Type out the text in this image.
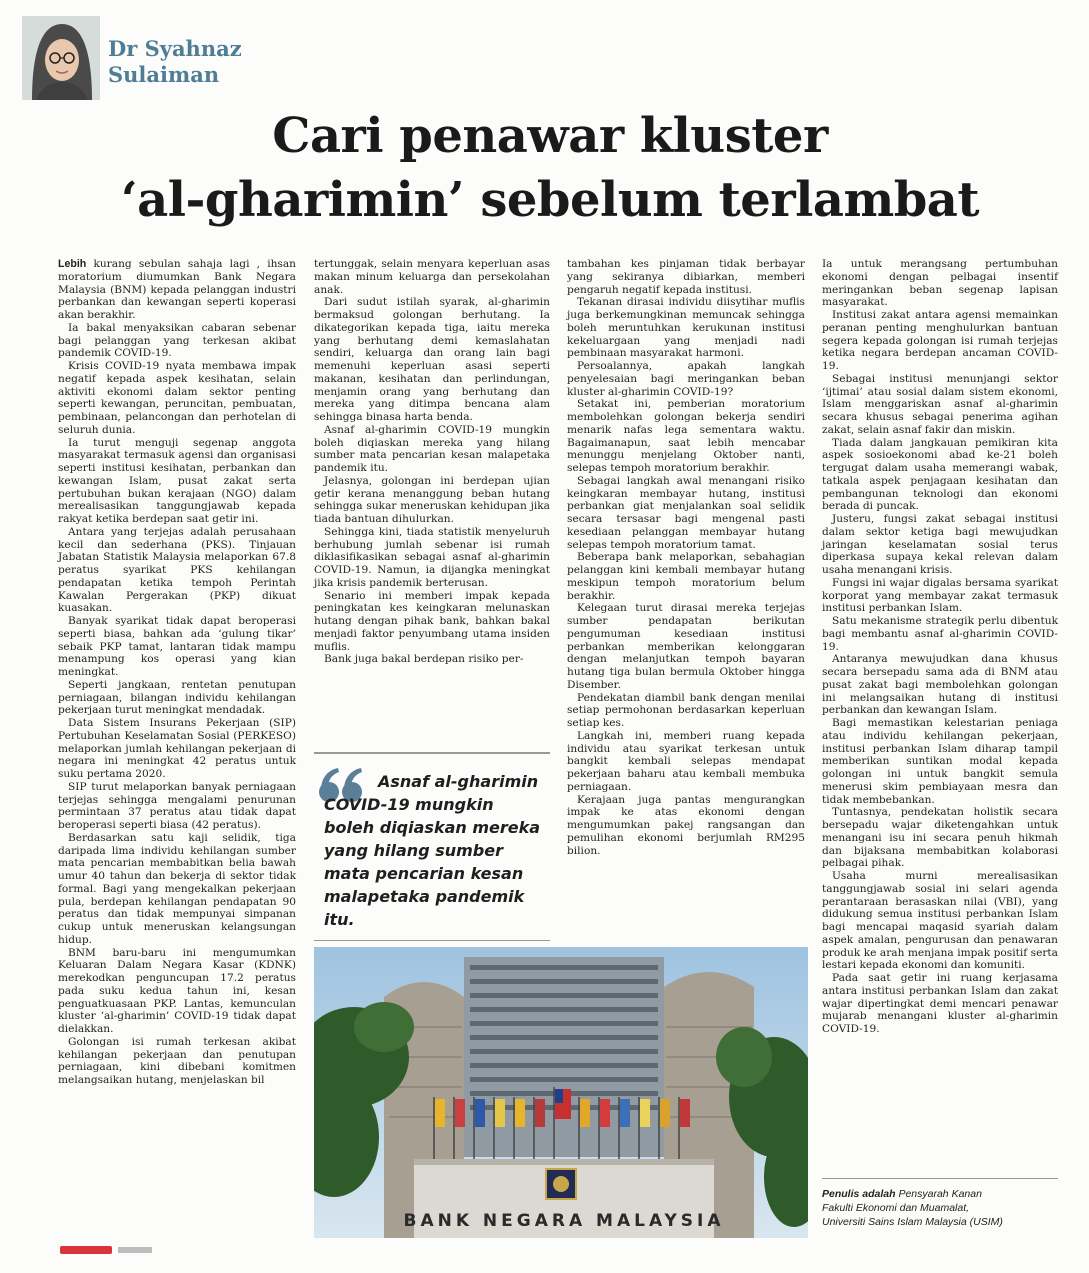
Dr Syahnaz
Sulaiman
Cari penawar kluster
‘al-gharimin’ sebelum terlambat

Lebih kurang sebulan sahaja lagi , ihsan moratorium diumumkan Bank Negara Malaysia (BNM) kepada pelanggan industri perbankan dan kewangan seperti koperasi akan berakhir.

Ia bakal menyaksikan cabaran sebenar bagi pelanggan yang terkesan akibat pandemik COVID-19.

Krisis COVID-19 nyata membawa impak negatif kepada aspek kesihatan, selain aktiviti ekonomi dalam sektor penting seperti kewangan, peruncitan, pembuatan, pembinaan, pelancongan dan perhotelan di seluruh dunia.

Ia turut menguji segenap anggota masyarakat termasuk agensi dan organisasi seperti institusi kesihatan, perbankan dan kewangan Islam, pusat zakat serta pertubuhan bukan kerajaan (NGO) dalam merealisasikan tanggungjawab kepada rakyat ketika berdepan saat getir ini.

Antara yang terjejas adalah perusahaan kecil dan sederhana (PKS). Tinjauan Jabatan Statistik Malaysia melaporkan 67.8 peratus syarikat PKS kehilangan pendapatan ketika tempoh Perintah Kawalan Pergerakan (PKP) dikuat kuasakan.

Banyak syarikat tidak dapat beroperasi seperti biasa, bahkan ada ‘gulung tikar’ sebaik PKP tamat, lantaran tidak mampu menampung kos operasi yang kian meningkat.

Seperti jangkaan, rentetan penutupan perniagaan, bilangan individu kehilangan pekerjaan turut meningkat mendadak.

Data Sistem Insurans Pekerjaan (SIP) Pertubuhan Keselamatan Sosial (PERKESO) melaporkan jumlah kehilangan pekerjaan di negara ini meningkat 42 peratus untuk suku pertama 2020.

SIP turut melaporkan banyak perniagaan terjejas sehingga mengalami penurunan permintaan 37 peratus atau tidak dapat beroperasi seperti biasa (42 peratus).

Berdasarkan satu kaji selidik, tiga daripada lima individu kehilangan sumber mata pencarian membabitkan belia bawah umur 40 tahun dan bekerja di sektor tidak formal. Bagi yang mengekalkan pekerjaan pula, berdepan kehilangan pendapatan 90 peratus dan tidak mempunyai simpanan cukup untuk meneruskan kelangsungan hidup.

BNM baru-baru ini mengumumkan Keluaran Dalam Negara Kasar (KDNK) merekodkan penguncupan 17.2 peratus pada suku kedua tahun ini, kesan penguatkuasaan PKP. Lantas, kemunculan kluster ‘al-gharimin’ COVID-19 tidak dapat dielakkan.

Golongan isi rumah terkesan akibat kehilangan pekerjaan dan penutupan perniagaan, kini dibebani komitmen melangsaikan hutang, menjelaskan bil

tertunggak, selain menyara keperluan asas makan minum keluarga dan persekolahan anak.

Dari sudut istilah syarak, al-gharimin bermaksud golongan berhutang. Ia dikategorikan kepada tiga, iaitu mereka yang berhutang demi kemaslahatan sendiri, keluarga dan orang lain bagi memenuhi keperluan asasi seperti makanan, kesihatan dan perlindungan, menjamin orang yang berhutang dan mereka yang ditimpa bencana alam sehingga binasa harta benda.

Asnaf al-gharimin COVID-19 mungkin boleh diqiaskan mereka yang hilang sumber mata pencarian kesan malapetaka pandemik itu.

Jelasnya, golongan ini berdepan ujian getir kerana menanggung beban hutang sehingga sukar meneruskan kehidupan jika tiada bantuan dihulurkan.

Sehingga kini, tiada statistik menyeluruh berhubung jumlah sebenar isi rumah diklasifikasikan sebagai asnaf al-gharimin COVID-19. Namun, ia dijangka meningkat jika krisis pandemik berterusan.

Senario ini memberi impak kepada peningkatan kes keingkaran melunaskan hutang dengan pihak bank, bahkan bakal menjadi faktor penyumbang utama insiden muflis.

Bank juga bakal berdepan risiko per-

Asnaf al-gharimin COVID-19 mungkin boleh diqiaskan mereka yang hilang sumber mata pencarian kesan malapetaka pandemik itu.

tambahan kes pinjaman tidak berbayar yang sekiranya dibiarkan, memberi pengaruh negatif kepada institusi.

Tekanan dirasai individu diisytihar muflis juga berkemungkinan memuncak sehingga boleh meruntuhkan kerukunan institusi kekeluargaan yang menjadi nadi pembinaan masyarakat harmoni.

Persoalannya, apakah langkah penyelesaian bagi meringankan beban kluster al-gharimin COVID-19?

Setakat ini, pemberian moratorium membolehkan golongan bekerja sendiri menarik nafas lega sementara waktu. Bagaimanapun, saat lebih mencabar menunggu menjelang Oktober nanti, selepas tempoh moratorium berakhir.

Sebagai langkah awal menangani risiko keingkaran membayar hutang, institusi perbankan giat menjalankan soal selidik secara tersasar bagi mengenal pasti kesediaan pelanggan membayar hutang selepas tempoh moratorium tamat.

Beberapa bank melaporkan, sebahagian pelanggan kini kembali membayar hutang meskipun tempoh moratorium belum berakhir.

Kelegaan turut dirasai mereka terjejas sumber pendapatan berikutan pengumuman kesediaan institusi perbankan memberikan kelonggaran dengan melanjutkan tempoh bayaran hutang tiga bulan bermula Oktober hingga Disember.

Pendekatan diambil bank dengan menilai setiap permohonan berdasarkan keperluan setiap kes.

Langkah ini, memberi ruang kepada individu atau syarikat terkesan untuk bangkit kembali selepas mendapat pekerjaan baharu atau kembali membuka perniagaan.

Kerajaan juga pantas mengurangkan impak ke atas ekonomi dengan mengumumkan pakej rangsangan dan pemulihan ekonomi berjumlah RM295 bilion.

Ia untuk merangsang pertumbuhan ekonomi dengan pelbagai insentif meringankan beban segenap lapisan masyarakat.

Institusi zakat antara agensi memainkan peranan penting menghulurkan bantuan segera kepada golongan isi rumah terjejas ketika negara berdepan ancaman COVID-19.

Sebagai institusi menunjangi sektor ‘ijtimai’ atau sosial dalam sistem ekonomi, Islam menggariskan asnaf al-gharimin secara khusus sebagai penerima agihan zakat, selain asnaf fakir dan miskin.

Tiada dalam jangkauan pemikiran kita aspek sosioekonomi abad ke-21 boleh tergugat dalam usaha memerangi wabak, tatkala aspek penjagaan kesihatan dan pembangunan teknologi dan ekonomi berada di puncak.

Justeru, fungsi zakat sebagai institusi dalam sektor ketiga bagi mewujudkan jaringan keselamatan sosial terus diperkasa supaya kekal relevan dalam usaha menangani krisis.

Fungsi ini wajar digalas bersama syarikat korporat yang membayar zakat termasuk institusi perbankan Islam.

Satu mekanisme strategik perlu dibentuk bagi membantu asnaf al-gharimin COVID-19.

Antaranya mewujudkan dana khusus secara bersepadu sama ada di BNM atau pusat zakat bagi membolehkan golongan ini melangsaikan hutang di institusi perbankan dan kewangan Islam.

Bagi memastikan kelestarian peniaga atau individu kehilangan pekerjaan, institusi perbankan Islam diharap tampil memberikan suntikan modal kepada golongan ini untuk bangkit semula menerusi skim pembiayaan mesra dan tidak membebankan.

Tuntasnya, pendekatan holistik secara bersepadu wajar diketengahkan untuk menangani isu ini secara penuh hikmah dan bijaksana membabitkan kolaborasi pelbagai pihak.

Usaha murni merealisasikan tanggungjawab sosial ini selari agenda perantaraan berasaskan nilai (VBI), yang didukung semua institusi perbankan Islam bagi mencapai maqasid syariah dalam aspek amalan, pengurusan dan penawaran produk ke arah menjana impak positif serta lestari kepada ekonomi dan komuniti.

Pada saat getir ini ruang kerjasama antara institusi perbankan Islam dan zakat wajar dipertingkat demi mencari penawar mujarab menangani kluster al-gharimin COVID-19.

BANK NEGARA MALAYSIA
Penulis adalah Pensyarah Kanan
Fakulti Ekonomi dan Muamalat,
Universiti Sains Islam Malaysia (USIM)
